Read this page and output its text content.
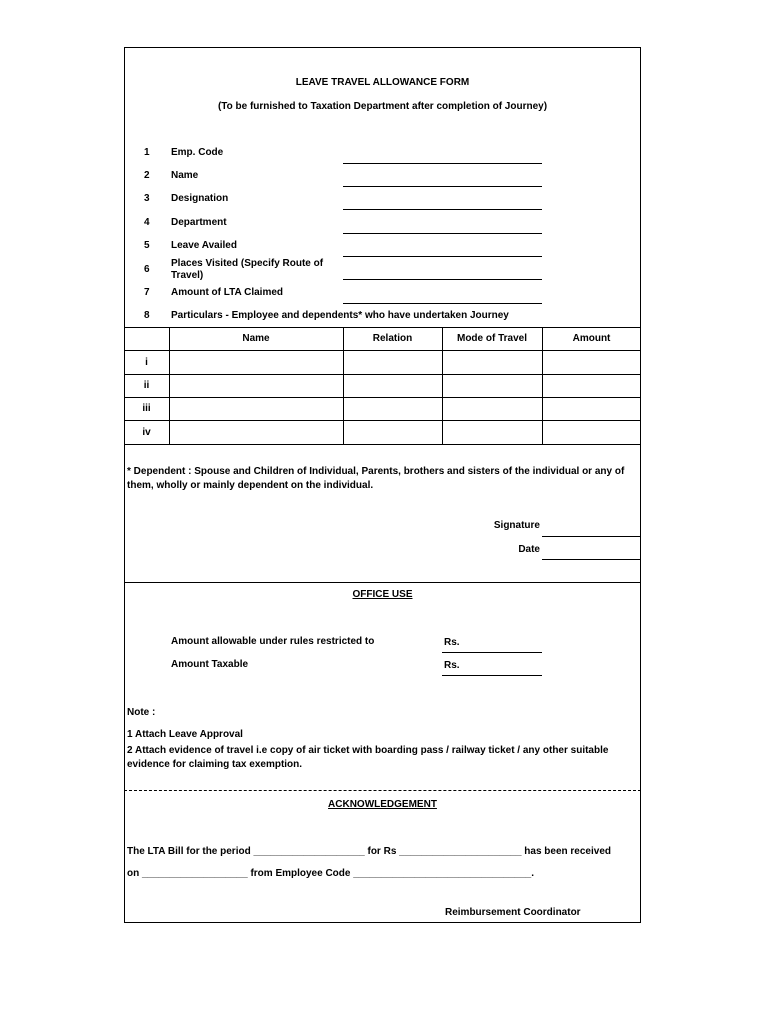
LEAVE TRAVEL ALLOWANCE FORM
(To be furnished to Taxation Department after completion of Journey)
1 Emp. Code
2 Name
3 Designation
4 Department
5 Leave Availed
6
Places Visited (Specify Route of
Travel)
7 Amount of LTA Claimed
8 Particulars - Employee and dependents* who have undertaken Journey
Name	Relation	Mode of Travel	Amount
i
ii
iii
iv
* Dependent : Spouse and Children of Individual, Parents, brothers and sisters of the individual or any of
them, wholly or mainly dependent on the individual.
Signature
Date
OFFICE USE
Amount allowable under rules restricted to	Rs.
Amount Taxable	Rs.
Note :
1 Attach Leave Approval
2 Attach evidence of travel i.e copy of air ticket with boarding pass / railway ticket / any other suitable
evidence for claiming tax exemption.
ACKNOWLEDGEMENT
The LTA Bill for the period ____________________ for Rs ______________________ has been received
on ___________________ from Employee Code ________________________________.
Reimbursement Coordinator
